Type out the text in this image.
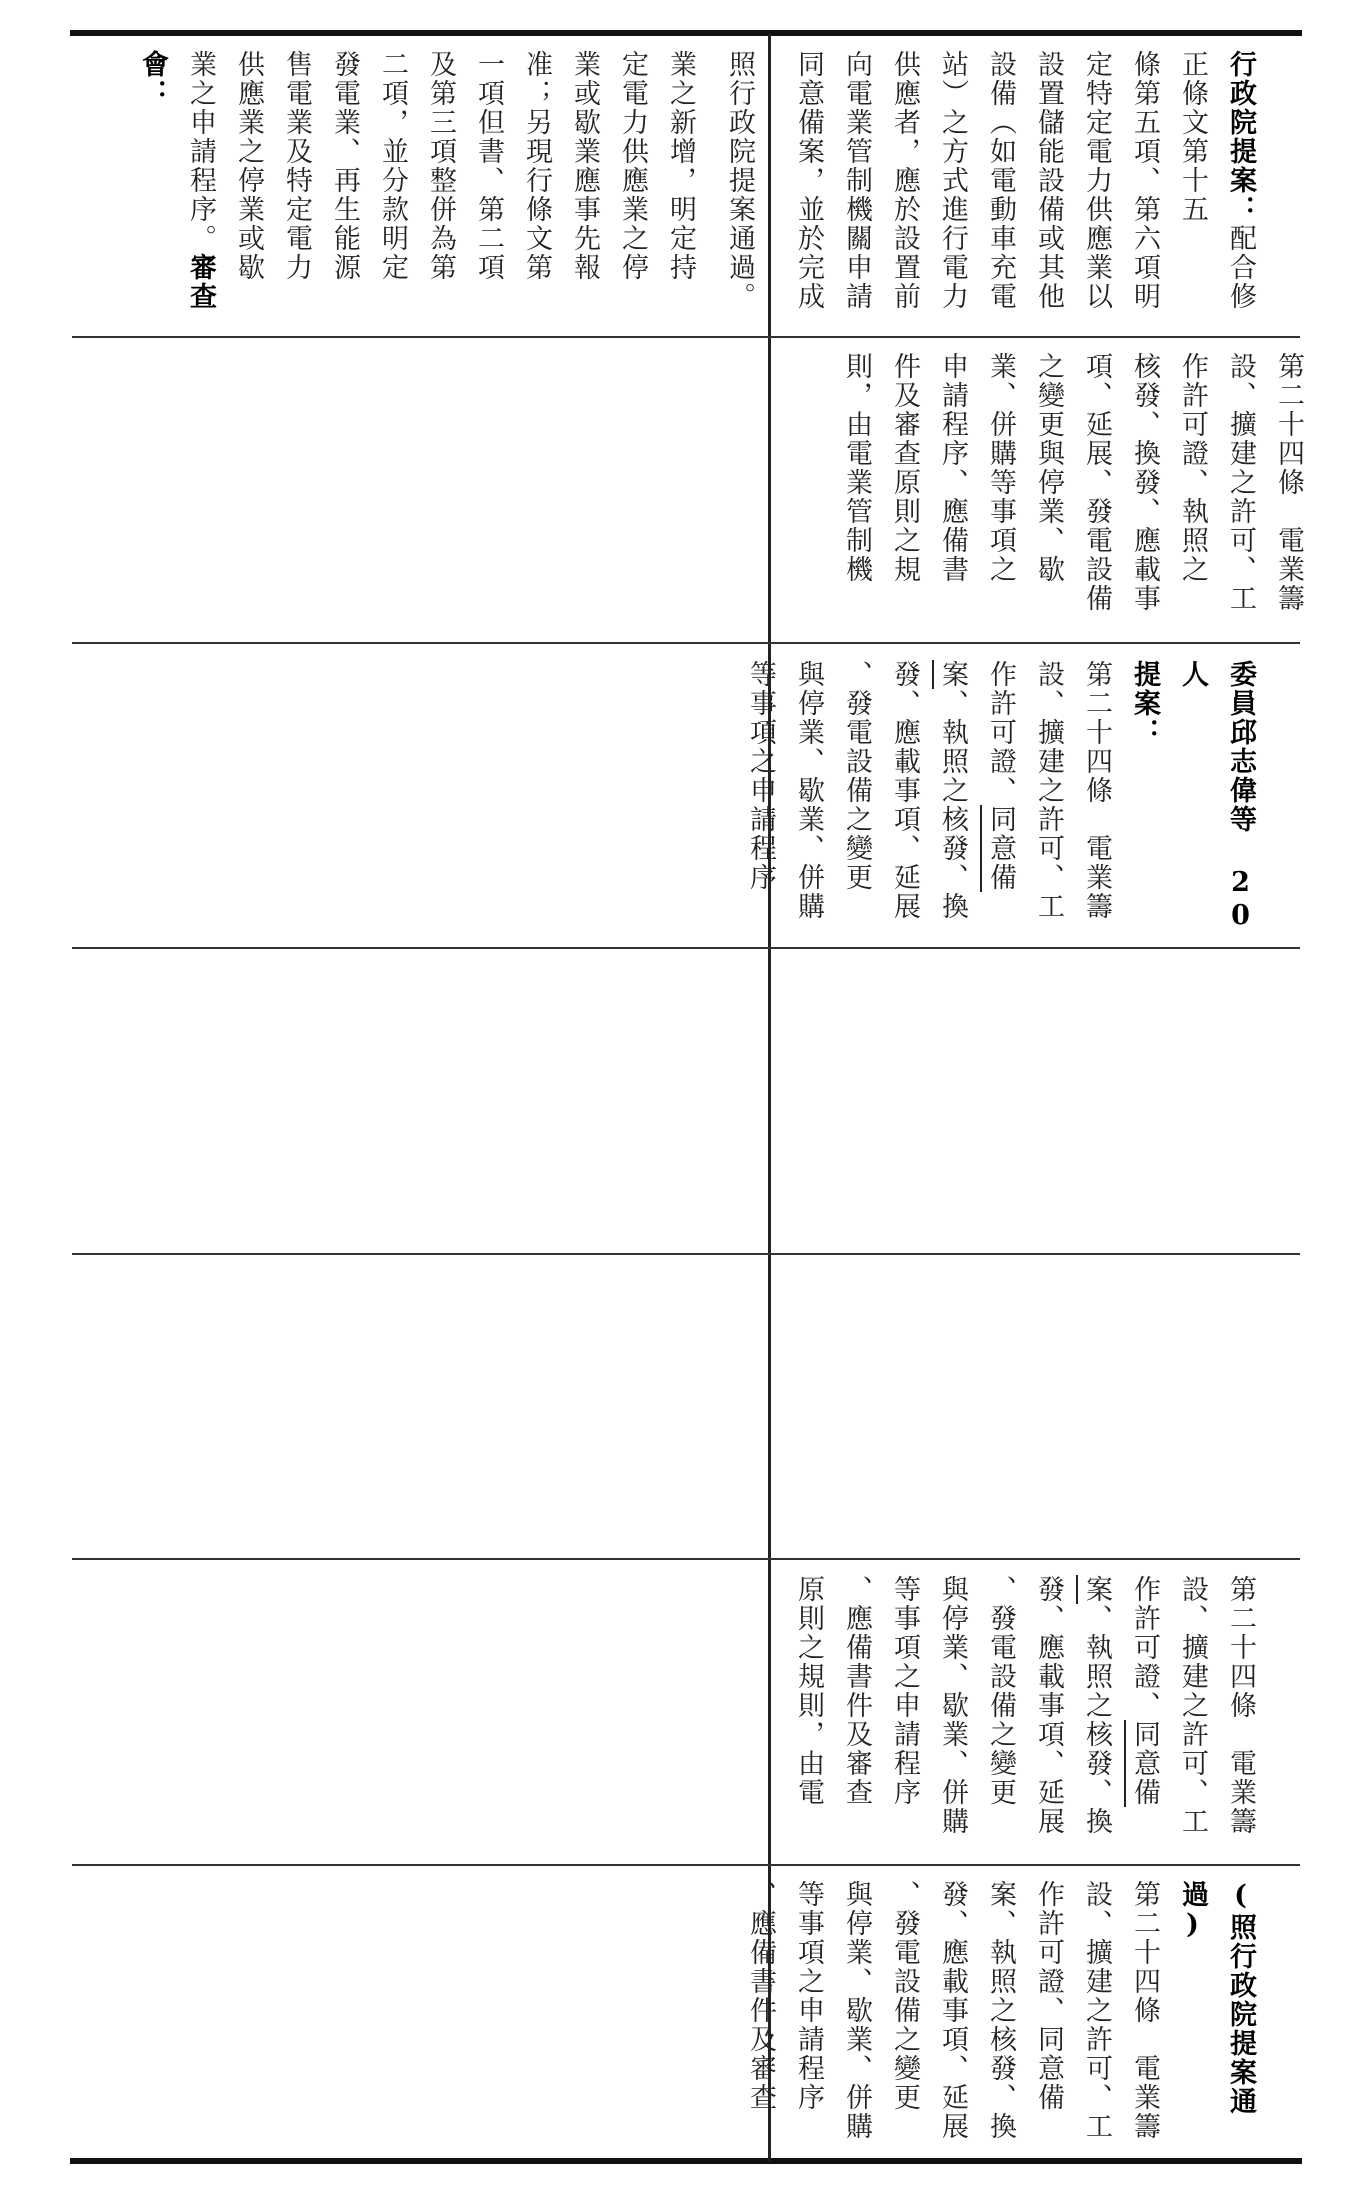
業之新增，明定持
定電力供應業之停
業或歇業應事先報
准；另現行條文第
一項但書、第二項
及第三項整併為第
二項，並分款明定
發電業、再生能源
售電業及特定電力
供應業之停業或歇
業之申請程序。審查會：	照行政院提案通過。	行政院提案：配合修正條文第十五
條第五項、第六項明
定特定電力供應業以
設置儲能設備或其他
設備（如電動車充電
站）之方式進行電力
供應者，應於設置前
向電業管制機關申請
同意備案，並於完成

第二十四條　電業籌
設、擴建之許可、工
作許可證、執照之
核發、換發、應載事
項、延展、發電設備
之變更與停業、歇
業、併購等事項之
申請程序、應備書
件及審查原則之規
則，由電業管制機

委員邱志偉等 20 人
提案：
第二十四條　電業籌
設、擴建之許可、工
作許可證、同意備案、執照之核發、換
發、應載事項、延展
、發電設備之變更
與停業、歇業、併購
等事項之申請程序

第二十四條　電業籌
設、擴建之許可、工
作許可證、同意備案、執照之核發、換
發、應載事項、延展
、發電設備之變更
與停業、歇業、併購
等事項之申請程序
、應備書件及審查
原則之規則，由電

(照行政院提案通過)
第二十四條　電業籌
設、擴建之許可、工
作許可證、同意備
案、執照之核發、換
發、應載事項、延展
、發電設備之變更
與停業、歇業、併購
等事項之申請程序
、應備書件及審查
